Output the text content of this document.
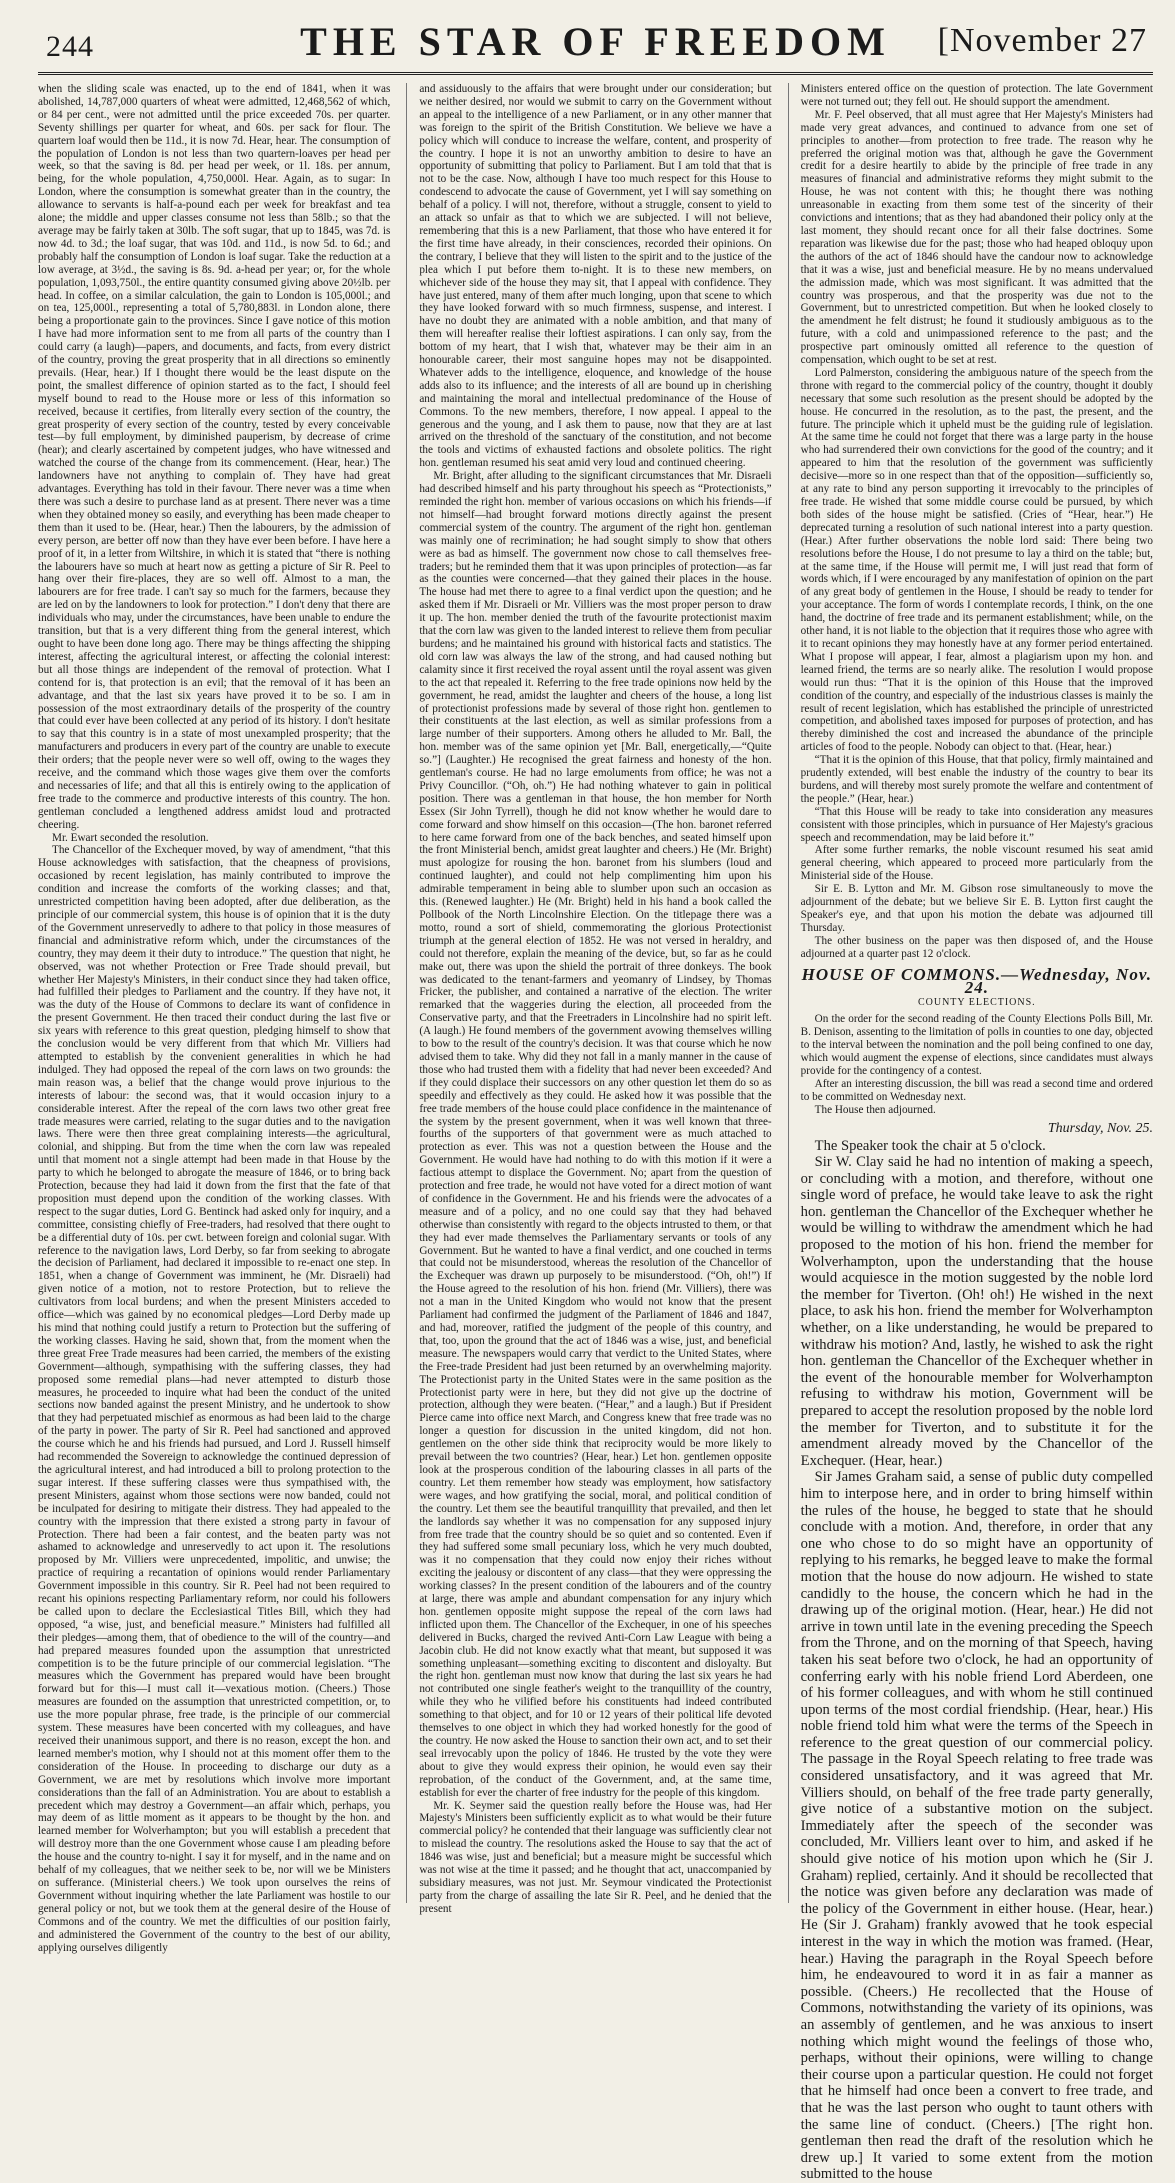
244	THE STAR OF FREEDOM	[November 27

when the sliding scale was enacted, up to the end of 1841, when it was abolished, 14,787,000 quarters of wheat were admitted, 12,468,562 of which, or 84 per cent., were not admitted until the price exceeded 70s. per quarter. Seventy shillings per quarter for wheat, and 60s. per sack for flour. The quartern loaf would then be 11d., it is now 7d. Hear, hear. The consumption of the population of London is not less than two quartern-loaves per head per week, so that the saving is 8d. per head per week, or 1l. 18s. per annum, being, for the whole population, 4,750,000l. Hear. Again, as to sugar: In London, where the consumption is somewhat greater than in the country, the allowance to servants is half-a-pound each per week for breakfast and tea alone; the middle and upper classes consume not less than 58lb.; so that the average may be fairly taken at 30lb. The soft sugar, that up to 1845, was 7d. is now 4d. to 3d.; the loaf sugar, that was 10d. and 11d., is now 5d. to 6d.; and probably half the consumption of London is loaf sugar. Take the reduction at a low average, at 3½d., the saving is 8s. 9d. a-head per year; or, for the whole population, 1,093,750l., the entire quantity consumed giving above 20½lb. per head. In coffee, on a similar calculation, the gain to London is 105,000l.; and on tea, 125,000l., representing a total of 5,780,883l. in London alone, there being a proportionate gain to the provinces. Since I gave notice of this motion I have had more information sent to me from all parts of the country than I could carry (a laugh)—papers, and documents, and facts, from every district of the country, proving the great prosperity that in all directions so eminently prevails. (Hear, hear.) If I thought there would be the least dispute on the point, the smallest difference of opinion started as to the fact, I should feel myself bound to read to the House more or less of this information so received, because it certifies, from literally every section of the country, the great prosperity of every section of the country, tested by every conceivable test—by full employment, by diminished pauperism, by decrease of crime (hear); and clearly ascertained by competent judges, who have witnessed and watched the course of the change from its commencement. (Hear, hear.) The landowners have not anything to complain of. They have had great advantages. Everything has told in their favour. There never was a time when there was such a desire to purchase land as at present. There never was a time when they obtained money so easily, and everything has been made cheaper to them than it used to be. (Hear, hear.) Then the labourers, by the admission of every person, are better off now than they have ever been before. I have here a proof of it, in a letter from Wiltshire, in which it is stated that “there is nothing the labourers have so much at heart now as getting a picture of Sir R. Peel to hang over their fire-places, they are so well off. Almost to a man, the labourers are for free trade. I can't say so much for the farmers, because they are led on by the landowners to look for protection.” I don't deny that there are individuals who may, under the circumstances, have been unable to endure the transition, but that is a very different thing from the general interest, which ought to have been done long ago. There may be things affecting the shipping interest, affecting the agricultural interest, or affecting the colonial interest: but all those things are independent of the removal of protection. What I contend for is, that protection is an evil; that the removal of it has been an advantage, and that the last six years have proved it to be so. I am in possession of the most extraordinary details of the prosperity of the country that could ever have been collected at any period of its history. I don't hesitate to say that this country is in a state of most unexampled prosperity; that the manufacturers and producers in every part of the country are unable to execute their orders; that the people never were so well off, owing to the wages they receive, and the command which those wages give them over the comforts and necessaries of life; and that all this is entirely owing to the application of free trade to the commerce and productive interests of this country. The hon. gentleman concluded a lengthened address amidst loud and protracted cheering.

Mr. Ewart seconded the resolution.

The Chancellor of the Exchequer moved, by way of amendment, “that this House acknowledges with satisfaction, that the cheapness of provisions, occasioned by recent legislation, has mainly contributed to improve the condition and increase the comforts of the working classes; and that, unrestricted competition having been adopted, after due deliberation, as the principle of our commercial system, this house is of opinion that it is the duty of the Government unreservedly to adhere to that policy in those measures of financial and administrative reform which, under the circumstances of the country, they may deem it their duty to introduce.” The question that night, he observed, was not whether Protection or Free Trade should prevail, but whether Her Majesty's Ministers, in their conduct since they had taken office, had fulfilled their pledges to Parliament and the country. If they have not, it was the duty of the House of Commons to declare its want of confidence in the present Government. He then traced their conduct during the last five or six years with reference to this great question, pledging himself to show that the conclusion would be very different from that which Mr. Villiers had attempted to establish by the convenient generalities in which he had indulged. They had opposed the repeal of the corn laws on two grounds: the main reason was, a belief that the change would prove injurious to the interests of labour: the second was, that it would occasion injury to a considerable interest. After the repeal of the corn laws two other great free trade measures were carried, relating to the sugar duties and to the navigation laws. There were then three great complaining interests—the agricultural, colonial, and shipping. But from the time when the corn law was repealed until that moment not a single attempt had been made in that House by the party to which he belonged to abrogate the measure of 1846, or to bring back Protection, because they had laid it down from the first that the fate of that proposition must depend upon the condition of the working classes. With respect to the sugar duties, Lord G. Bentinck had asked only for inquiry, and a committee, consisting chiefly of Free-traders, had resolved that there ought to be a differential duty of 10s. per cwt. between foreign and colonial sugar. With reference to the navigation laws, Lord Derby, so far from seeking to abrogate the decision of Parliament, had declared it impossible to re-enact one step. In 1851, when a change of Government was imminent, he (Mr. Disraeli) had given notice of a motion, not to restore Protection, but to relieve the cultivators from local burdens; and when the present Ministers acceded to office—which was gained by no economical pledges—Lord Derby made up his mind that nothing could justify a return to Protection but the suffering of the working classes. Having he said, shown that, from the moment when the three great Free Trade measures had been carried, the members of the existing Government—although, sympathising with the suffering classes, they had proposed some remedial plans—had never attempted to disturb those measures, he proceeded to inquire what had been the conduct of the united sections now banded against the present Ministry, and he undertook to show that they had perpetuated mischief as enormous as had been laid to the charge of the party in power. The party of Sir R. Peel had sanctioned and approved the course which he and his friends had pursued, and Lord J. Russell himself had recommended the Sovereign to acknowledge the continued depression of the agricultural interest, and had introduced a bill to prolong protection to the sugar interest. If these suffering classes were thus sympathised with, the present Ministers, against whom those sections were now banded, could not be inculpated for desiring to mitigate their distress. They had appealed to the country with the impression that there existed a strong party in favour of Protection. There had been a fair contest, and the beaten party was not ashamed to acknowledge and unreservedly to act upon it. The resolutions proposed by Mr. Villiers were unprecedented, impolitic, and unwise; the practice of requiring a recantation of opinions would render Parliamentary Government impossible in this country. Sir R. Peel had not been required to recant his opinions respecting Parliamentary reform, nor could his followers be called upon to declare the Ecclesiastical Titles Bill, which they had opposed, “a wise, just, and beneficial measure.” Ministers had fulfilled all their pledges—among them, that of obedience to the will of the country—and had prepared measures founded upon the assumption that unrestricted competition is to be the future principle of our commercial legislation. “The measures which the Government has prepared would have been brought forward but for this—I must call it—vexatious motion. (Cheers.) Those measures are founded on the assumption that unrestricted competition, or, to use the more popular phrase, free trade, is the principle of our commercial system. These measures have been concerted with my colleagues, and have received their unanimous support, and there is no reason, except the hon. and learned member's motion, why I should not at this moment offer them to the consideration of the House. In proceeding to discharge our duty as a Government, we are met by resolutions which involve more important considerations than the fall of an Administration. You are about to establish a precedent which may destroy a Government—an affair which, perhaps, you may deem of as little moment as it appears to be thought by the hon. and learned member for Wolverhampton; but you will establish a precedent that will destroy more than the one Government whose cause I am pleading before the house and the country to-night. I say it for myself, and in the name and on behalf of my colleagues, that we neither seek to be, nor will we be Ministers on sufferance. (Ministerial cheers.) We took upon ourselves the reins of Government without inquiring whether the late Parliament was hostile to our general policy or not, but we took them at the general desire of the House of Commons and of the country. We met the difficulties of our position fairly, and administered the Government of the country to the best of our ability, applying ourselves diligently

and assiduously to the affairs that were brought under our consideration; but we neither desired, nor would we submit to carry on the Government without an appeal to the intelligence of a new Parliament, or in any other manner that was foreign to the spirit of the British Constitution. We believe we have a policy which will conduce to increase the welfare, content, and prosperity of the country. I hope it is not an unworthy ambition to desire to have an opportunity of submitting that policy to Parliament. But I am told that that is not to be the case. Now, although I have too much respect for this House to condescend to advocate the cause of Government, yet I will say something on behalf of a policy. I will not, therefore, without a struggle, consent to yield to an attack so unfair as that to which we are subjected. I will not believe, remembering that this is a new Parliament, that those who have entered it for the first time have already, in their consciences, recorded their opinions. On the contrary, I believe that they will listen to the spirit and to the justice of the plea which I put before them to-night. It is to these new members, on whichever side of the house they may sit, that I appeal with confidence. They have just entered, many of them after much longing, upon that scene to which they have looked forward with so much firmness, suspense, and interest. I have no doubt they are animated with a noble ambition, and that many of them will hereafter realise their loftiest aspirations. I can only say, from the bottom of my heart, that I wish that, whatever may be their aim in an honourable career, their most sanguine hopes may not be disappointed. Whatever adds to the intelligence, eloquence, and knowledge of the house adds also to its influence; and the interests of all are bound up in cherishing and maintaining the moral and intellectual predominance of the House of Commons. To the new members, therefore, I now appeal. I appeal to the generous and the young, and I ask them to pause, now that they are at last arrived on the threshold of the sanctuary of the constitution, and not become the tools and victims of exhausted factions and obsolete politics. The right hon. gentleman resumed his seat amid very loud and continued cheering.

Mr. Bright, after alluding to the significant circumstances that Mr. Disraeli had described himself and his party throughout his speech as “Protectionists,” reminded the right hon. member of various occasions on which his friends—if not himself—had brought forward motions directly against the present commercial system of the country. The argument of the right hon. gentleman was mainly one of recrimination; he had sought simply to show that others were as bad as himself. The government now chose to call themselves free-traders; but he reminded them that it was upon principles of protection—as far as the counties were concerned—that they gained their places in the house. The house had met there to agree to a final verdict upon the question; and he asked them if Mr. Disraeli or Mr. Villiers was the most proper person to draw it up. The hon. member denied the truth of the favourite protectionist maxim that the corn law was given to the landed interest to relieve them from peculiar burdens; and he maintained his ground with historical facts and statistics. The old corn law was always the law of the strong, and had caused nothing but calamity since it first received the royal assent until the royal assent was given to the act that repealed it. Referring to the free trade opinions now held by the government, he read, amidst the laughter and cheers of the house, a long list of protectionist professions made by several of those right hon. gentlemen to their constituents at the last election, as well as similar professions from a large number of their supporters. Among others he alluded to Mr. Ball, the hon. member was of the same opinion yet [Mr. Ball, energetically,—“Quite so.”] (Laughter.) He recognised the great fairness and honesty of the hon. gentleman's course. He had no large emoluments from office; he was not a Privy Councillor. (“Oh, oh.”) He had nothing whatever to gain in political position. There was a gentleman in that house, the hon member for North Essex (Sir John Tyrrell), though he did not know whether he would dare to come forward and show himself on this occasion—(The hon. baronet referred to here came forward from one of the back benches, and seated himself upon the front Ministerial bench, amidst great laughter and cheers.) He (Mr. Bright) must apologize for rousing the hon. baronet from his slumbers (loud and continued laughter), and could not help complimenting him upon his admirable temperament in being able to slumber upon such an occasion as this. (Renewed laughter.) He (Mr. Bright) held in his hand a book called the Pollbook of the North Lincolnshire Election. On the titlepage there was a motto, round a sort of shield, commemorating the glorious Protectionist triumph at the general election of 1852. He was not versed in heraldry, and could not therefore, explain the meaning of the device, but, so far as he could make out, there was upon the shield the portrait of three donkeys. The book was dedicated to the tenant-farmers and yeomanry of Lindsey, by Thomas Fricker, the publisher, and contained a narrative of the election. The writer remarked that the waggeries during the election, all proceeded from the Conservative party, and that the Freetraders in Lincolnshire had no spirit left. (A laugh.) He found members of the government avowing themselves willing to bow to the result of the country's decision. It was that course which he now advised them to take. Why did they not fall in a manly manner in the cause of those who had trusted them with a fidelity that had never been exceeded? And if they could displace their successors on any other question let them do so as speedily and effectively as they could. He asked how it was possible that the free trade members of the house could place confidence in the maintenance of the system by the present government, when it was well known that three-fourths of the supporters of that government were as much attached to protection as ever. This was not a question between the House and the Government. He would have had nothing to do with this motion if it were a factious attempt to displace the Government. No; apart from the question of protection and free trade, he would not have voted for a direct motion of want of confidence in the Government. He and his friends were the advocates of a measure and of a policy, and no one could say that they had behaved otherwise than consistently with regard to the objects intrusted to them, or that they had ever made themselves the Parliamentary servants or tools of any Government. But he wanted to have a final verdict, and one couched in terms that could not be misunderstood, whereas the resolution of the Chancellor of the Exchequer was drawn up purposely to be misunderstood. (“Oh, oh!”) If the House agreed to the resolution of his hon. friend (Mr. Villiers), there was not a man in the United Kingdom who would not know that the present Parliament had confirmed the judgment of the Parliament of 1846 and 1847, and had, moreover, ratified the judgment of the people of this country, and that, too, upon the ground that the act of 1846 was a wise, just, and beneficial measure. The newspapers would carry that verdict to the United States, where the Free-trade President had just been returned by an overwhelming majority. The Protectionist party in the United States were in the same position as the Protectionist party were in here, but they did not give up the doctrine of protection, although they were beaten. (“Hear,” and a laugh.) But if President Pierce came into office next March, and Congress knew that free trade was no longer a question for discussion in the united kingdom, did not hon. gentlemen on the other side think that reciprocity would be more likely to prevail between the two countries? (Hear, hear.) Let hon. gentlemen opposite look at the prosperous condition of the labouring classes in all parts of the country. Let them remember how steady was employment, how satisfactory were wages, and how gratifying the social, moral, and political condition of the country. Let them see the beautiful tranquillity that prevailed, and then let the landlords say whether it was no compensation for any supposed injury from free trade that the country should be so quiet and so contented. Even if they had suffered some small pecuniary loss, which he very much doubted, was it no compensation that they could now enjoy their riches without exciting the jealousy or discontent of any class—that they were oppressing the working classes? In the present condition of the labourers and of the country at large, there was ample and abundant compensation for any injury which hon. gentlemen opposite might suppose the repeal of the corn laws had inflicted upon them. The Chancellor of the Exchequer, in one of his speeches delivered in Bucks, charged the revived Anti-Corn Law League with being a Jacobin club. He did not know exactly what that meant, but supposed it was something unpleasant—something exciting to discontent and disloyalty. But the right hon. gentleman must now know that during the last six years he had not contributed one single feather's weight to the tranquillity of the country, while they who he vilified before his constituents had indeed contributed something to that object, and for 10 or 12 years of their political life devoted themselves to one object in which they had worked honestly for the good of the country. He now asked the House to sanction their own act, and to set their seal irrevocably upon the policy of 1846. He trusted by the vote they were about to give they would express their opinion, he would even say their reprobation, of the conduct of the Government, and, at the same time, establish for ever the charter of free industry for the people of this kingdom.

Mr. K. Seymer said the question really before the House was, had Her Majesty's Ministers been sufficiently explicit as to what would be their future commercial policy? he contended that their language was sufficiently clear not to mislead the country. The resolutions asked the House to say that the act of 1846 was wise, just and beneficial; but a measure might be successful which was not wise at the time it passed; and he thought that act, unaccompanied by subsidiary measures, was not just. Mr. Seymour vindicated the Protectionist party from the charge of assailing the late Sir R. Peel, and he denied that the present

Ministers entered office on the question of protection. The late Government were not turned out; they fell out. He should support the amendment.

Mr. F. Peel observed, that all must agree that Her Majesty's Ministers had made very great advances, and continued to advance from one set of principles to another—from protection to free trade. The reason why he preferred the original motion was that, although he gave the Government credit for a desire heartily to abide by the principle of free trade in any measures of financial and administrative reforms they might submit to the House, he was not content with this; he thought there was nothing unreasonable in exacting from them some test of the sincerity of their convictions and intentions; that as they had abandoned their policy only at the last moment, they should recant once for all their false doctrines. Some reparation was likewise due for the past; those who had heaped obloquy upon the authors of the act of 1846 should have the candour now to acknowledge that it was a wise, just and beneficial measure. He by no means undervalued the admission made, which was most significant. It was admitted that the country was prosperous, and that the prosperity was due not to the Government, but to unrestricted competition. But when he looked closely to the amendment he felt distrust; he found it studiously ambiguous as to the future, with a cold and unimpassioned reference to the past; and the prospective part ominously omitted all reference to the question of compensation, which ought to be set at rest.

Lord Palmerston, considering the ambiguous nature of the speech from the throne with regard to the commercial policy of the country, thought it doubly necessary that some such resolution as the present should be adopted by the house. He concurred in the resolution, as to the past, the present, and the future. The principle which it upheld must be the guiding rule of legislation. At the same time he could not forget that there was a large party in the house who had surrendered their own convictions for the good of the country; and it appeared to him that the resolution of the government was sufficiently decisive—more so in one respect than that of the opposition—sufficiently so, at any rate to bind any person supporting it irrevocably to the principles of free trade. He wished that some middle course could be pursued, by which both sides of the house might be satisfied. (Cries of “Hear, hear.”) He deprecated turning a resolution of such national interest into a party question. (Hear.) After further observations the noble lord said: There being two resolutions before the House, I do not presume to lay a third on the table; but, at the same time, if the House will permit me, I will just read that form of words which, if I were encouraged by any manifestation of opinion on the part of any great body of gentlemen in the House, I should be ready to tender for your acceptance. The form of words I contemplate records, I think, on the one hand, the doctrine of free trade and its permanent establishment; while, on the other hand, it is not liable to the objection that it requires those who agree with it to recant opinions they may honestly have at any former period entertained. What I propose will appear, I fear, almost a plagiarism upon my hon. and learned friend, the terms are so nearly alike. The resolution I would propose would run thus: “That it is the opinion of this House that the improved condition of the country, and especially of the industrious classes is mainly the result of recent legislation, which has established the principle of unrestricted competition, and abolished taxes imposed for purposes of protection, and has thereby diminished the cost and increased the abundance of the principle articles of food to the people. Nobody can object to that. (Hear, hear.)

“That it is the opinion of this House, that that policy, firmly maintained and prudently extended, will best enable the industry of the country to bear its burdens, and will thereby most surely promote the welfare and contentment of the people.” (Hear, hear.)

“That this House will be ready to take into consideration any measures consistent with those principles, which in pursuance of Her Majesty's gracious speech and recommendation, may be laid before it.”

After some further remarks, the noble viscount resumed his seat amid general cheering, which appeared to proceed more particularly from the Ministerial side of the House.

Sir E. B. Lytton and Mr. M. Gibson rose simultaneously to move the adjournment of the debate; but we believe Sir E. B. Lytton first caught the Speaker's eye, and that upon his motion the debate was adjourned till Thursday.

The other business on the paper was then disposed of, and the House adjourned at a quarter past 12 o'clock.

HOUSE OF COMMONS.—Wednesday, Nov. 24.
COUNTY ELECTIONS.

On the order for the second reading of the County Elections Polls Bill, Mr. B. Denison, assenting to the limitation of polls in counties to one day, objected to the interval between the nomination and the poll being confined to one day, which would augment the expense of elections, since candidates must always provide for the contingency of a contest.

After an interesting discussion, the bill was read a second time and ordered to be committed on Wednesday next.

The House then adjourned.

Thursday, Nov. 25.

The Speaker took the chair at 5 o'clock.

Sir W. Clay said he had no intention of making a speech, or concluding with a motion, and therefore, without one single word of preface, he would take leave to ask the right hon. gentleman the Chancellor of the Exchequer whether he would be willing to withdraw the amendment which he had proposed to the motion of his hon. friend the member for Wolverhampton, upon the understanding that the house would acquiesce in the motion suggested by the noble lord the member for Tiverton. (Oh! oh!) He wished in the next place, to ask his hon. friend the member for Wolverhampton whether, on a like understanding, he would be prepared to withdraw his motion? And, lastly, he wished to ask the right hon. gentleman the Chancellor of the Exchequer whether in the event of the honourable member for Wolverhampton refusing to withdraw his motion, Government will be prepared to accept the resolution proposed by the noble lord the member for Tiverton, and to substitute it for the amendment already moved by the Chancellor of the Exchequer. (Hear, hear.)

Sir James Graham said, a sense of public duty compelled him to interpose here, and in order to bring himself within the rules of the house, he begged to state that he should conclude with a motion. And, therefore, in order that any one who chose to do so might have an opportunity of replying to his remarks, he begged leave to make the formal motion that the house do now adjourn. He wished to state candidly to the house, the concern which he had in the drawing up of the original motion. (Hear, hear.) He did not arrive in town until late in the evening preceding the Speech from the Throne, and on the morning of that Speech, having taken his seat before two o'clock, he had an opportunity of conferring early with his noble friend Lord Aberdeen, one of his former colleagues, and with whom he still continued upon terms of the most cordial friendship. (Hear, hear.) His noble friend told him what were the terms of the Speech in reference to the great question of our commercial policy. The passage in the Royal Speech relating to free trade was considered unsatisfactory, and it was agreed that Mr. Villiers should, on behalf of the free trade party generally, give notice of a substantive motion on the subject. Immediately after the speech of the seconder was concluded, Mr. Villiers leant over to him, and asked if he should give notice of his motion upon which he (Sir J. Graham) replied, certainly. And it should be recollected that the notice was given before any declaration was made of the policy of the Government in either house. (Hear, hear.) He (Sir J. Graham) frankly avowed that he took especial interest in the way in which the motion was framed. (Hear, hear.) Having the paragraph in the Royal Speech before him, he endeavoured to word it in as fair a manner as possible. (Cheers.) He recollected that the House of Commons, notwithstanding the variety of its opinions, was an assembly of gentlemen, and he was anxious to insert nothing which might wound the feelings of those who, perhaps, without their opinions, were willing to change their course upon a particular question. He could not forget that he himself had once been a convert to free trade, and that he was the last person who ought to taunt others with the same line of conduct. (Cheers.) [The right hon. gentleman then read the draft of the resolution which he drew up.] It varied to some extent from the motion submitted to the house
